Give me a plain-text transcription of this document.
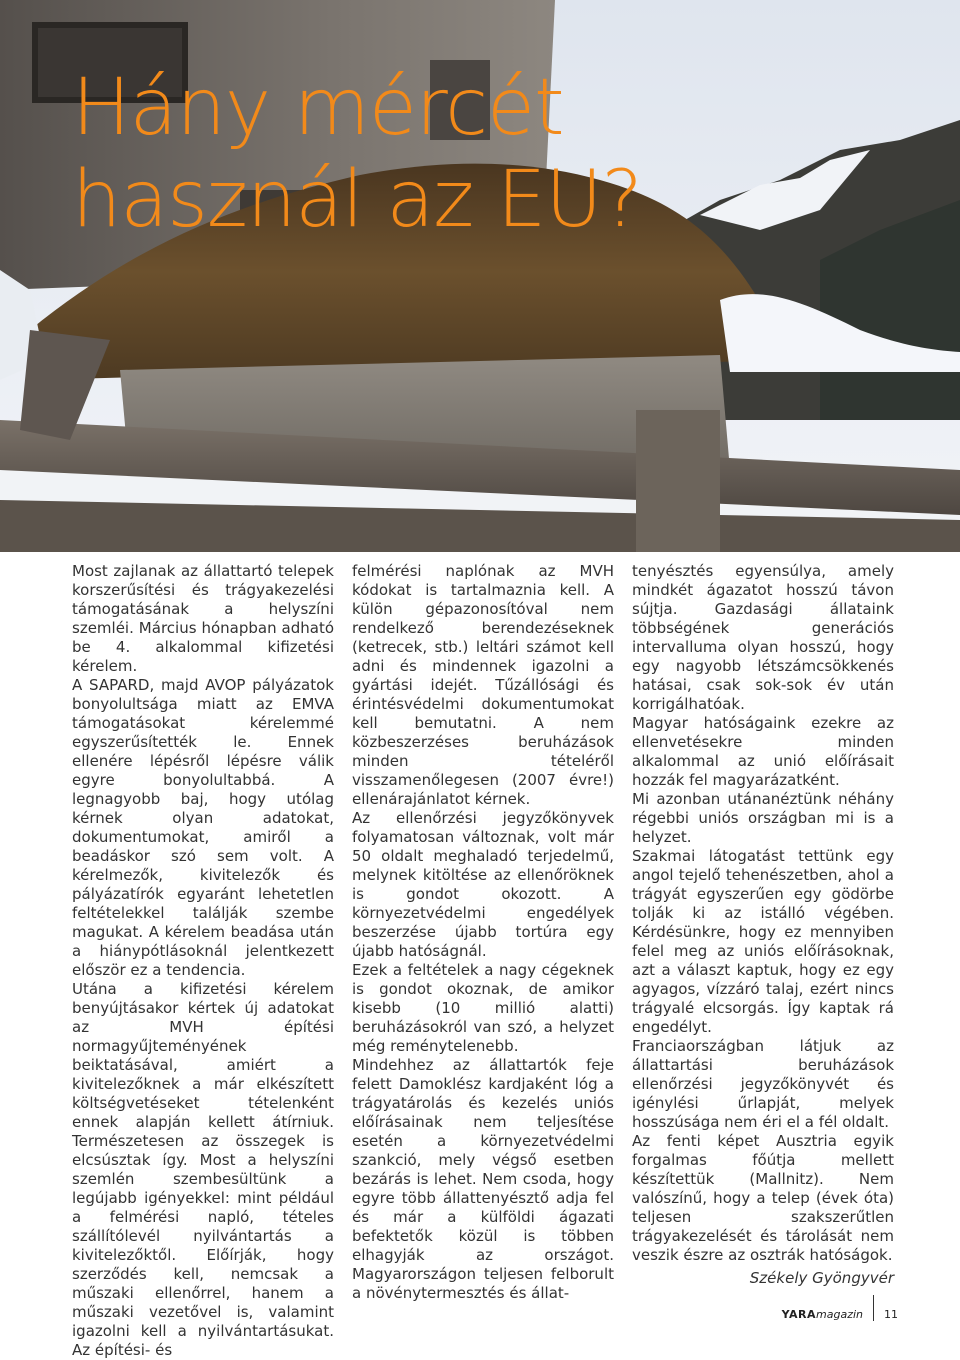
Hány mércét
használ az EU?

Most zajlanak az állattartó telepek korszerűsítési és trágyakezelési támogatásának a helyszíni szemléi. Március hónapban adható be 4. alkalommal kifizetési kérelem.

A SAPARD, majd AVOP pályázatok bonyolultsága miatt az EMVA támogatásokat kérelemmé egyszerűsítették le. Ennek ellenére lépésről lépésre válik egyre bonyolultabbá. A legnagyobb baj, hogy utólag kérnek olyan adatokat, dokumentumokat, amiről a beadáskor szó sem volt. A kérelmezők, kivitelezők és pályázatírók egyaránt lehetetlen feltételekkel találják szembe magukat. A kérelem beadása után a hiánypótlásoknál jelentkezett először ez a tendencia.

Utána a kifizetési kérelem benyújtásakor kértek új adatokat az MVH építési normagyűjteményének beiktatásával, amiért a kivitelezőknek a már elkészített költségvetéseket tételenként ennek alapján kellett átírniuk. Természetesen az összegek is elcsúsztak így. Most a helyszíni szemlén szembesültünk a legújabb igényekkel: mint például a felmérési napló, tételes szállítólevél nyilvántartás a kivitelezőktől. Előírják, hogy szerződés kell, nemcsak a műszaki ellenőrrel, hanem a műszaki vezetővel is, valamint igazolni kell a nyilvántartásukat. Az építési- és

felmérési naplónak az MVH kódokat is tartalmaznia kell. A külön gépazonosítóval nem rendelkező berendezéseknek (ketrecek, stb.) leltári számot kell adni és mindennek igazolni a gyártási idejét. Tűzállósági és érintésvédelmi dokumentumokat kell bemutatni. A nem közbeszerzéses beruházások minden tételéről visszamenőlegesen (2007 évre!) ellenárajánlatot kérnek.

Az ellenőrzési jegyzőkönyvek folyamatosan változnak, volt már 50 oldalt meghaladó terjedelmű, melynek kitöltése az ellenőröknek is gondot okozott. A környezetvédelmi engedélyek beszerzése újabb tortúra egy újabb hatóságnál.

Ezek a feltételek a nagy cégeknek is gondot okoznak, de amikor kisebb (10 millió alatti) beruházásokról van szó, a helyzet még reménytelenebb.

Mindehhez az állattartók feje felett Damoklész kardjaként lóg a trágyatárolás és kezelés uniós előírásainak nem teljesítése esetén a környezetvédelmi szankció, mely végső esetben bezárás is lehet. Nem csoda, hogy egyre több állattenyésztő adja fel és már a külföldi ágazati befektetők közül is többen elhagyják az országot. Magyarországon teljesen felborult a növénytermesztés és állat-

tenyésztés egyensúlya, amely mindkét ágazatot hosszú távon sújtja. Gazdasági állataink többségének generációs intervalluma olyan hosszú, hogy egy nagyobb létszámcsökkenés hatásai, csak sok-sok év után korrigálhatóak.

Magyar hatóságaink ezekre az ellenvetésekre minden alkalommal az unió előírásait hozzák fel magyarázatként.

Mi azonban utánanéztünk néhány régebbi uniós országban mi is a helyzet.

Szakmai látogatást tettünk egy angol tejelő tehenészetben, ahol a trágyát egyszerűen egy gödörbe tolják ki az istálló végében. Kérdésünkre, hogy ez mennyiben felel meg az uniós előírásoknak, azt a választ kaptuk, hogy ez egy agyagos, vízzáró talaj, ezért nincs trágyalé elcsorgás. Így kaptak rá engedélyt.

Franciaországban látjuk az állattartási beruházások ellenőrzési jegyzőkönyvét és igénylési űrlapját, melyek hosszúsága nem éri el a fél oldalt.

Az fenti képet Ausztria egyik forgalmas főútja mellett készítettük (Mallnitz). Nem valószínű, hogy a telep (évek óta) teljesen szakszerűtlen trágyakezelését és tárolását nem veszik észre az osztrák hatóságok.

Székely Gyöngyvér

YARAmagazin 11
